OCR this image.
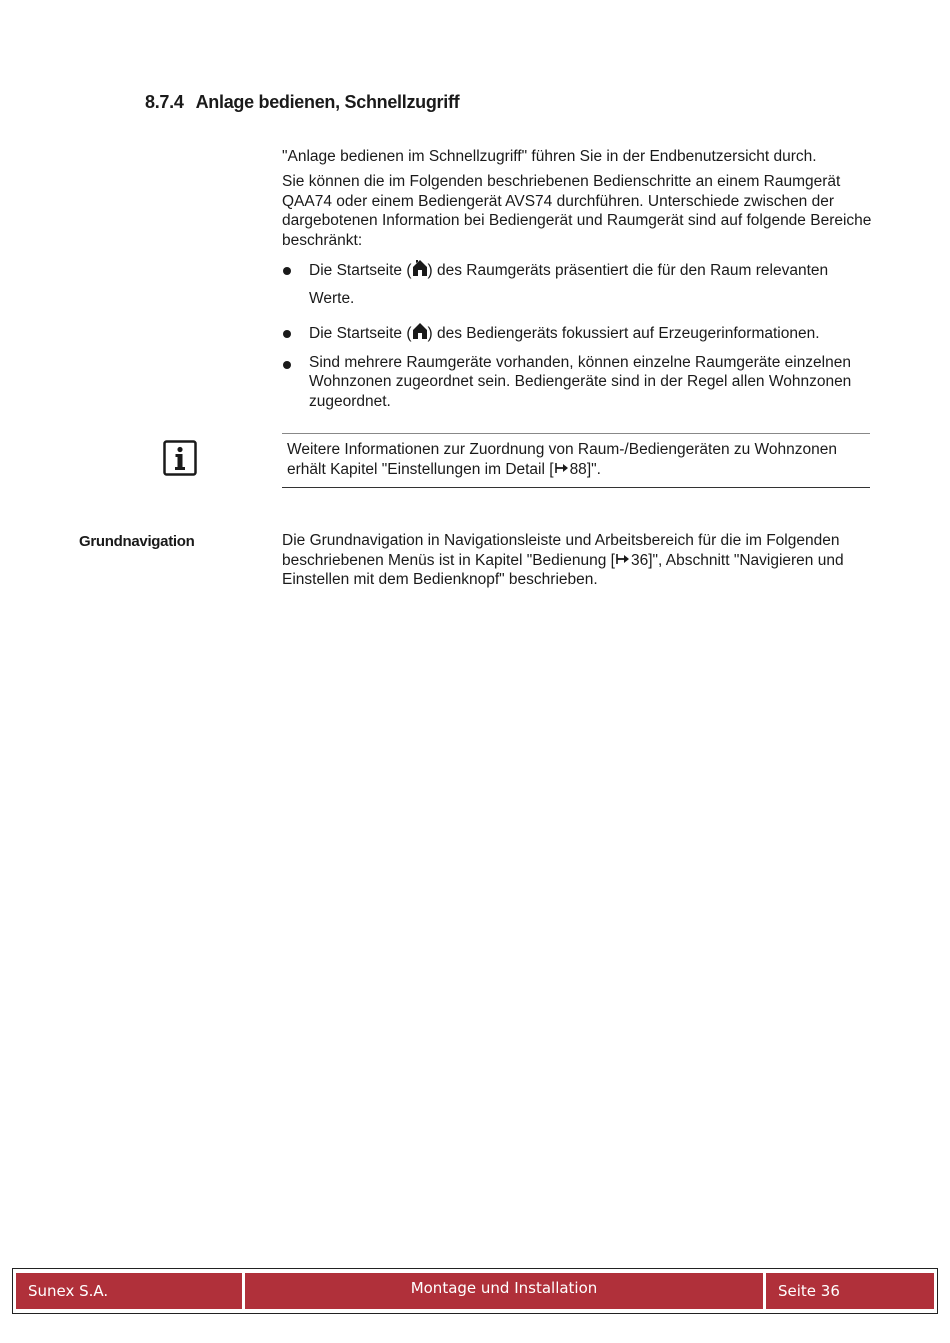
8.7.4 Anlage bedienen, Schnellzugriff
"Anlage bedienen im Schnellzugriff" führen Sie in der Endbenutzersicht durch.
Sie können die im Folgenden beschriebenen Bedienschritte an einem Raumgerät QAA74 oder einem Bediengerät AVS74 durchführen. Unterschiede zwischen der dargebotenen Information bei Bediengerät und Raumgerät sind auf folgende Bereiche beschränkt:
Die Startseite ( ) des Raumgeräts präsentiert die für den Raum relevanten Werte.
Die Startseite ( ) des Bediengeräts fokussiert auf Erzeugerinformationen.
Sind mehrere Raumgeräte vorhanden, können einzelne Raumgeräte einzelnen Wohnzonen zugeordnet sein. Bediengeräte sind in der Regel allen Wohnzonen zugeordnet.
Weitere Informationen zur Zuordnung von Raum-/Bediengeräten zu Wohnzonen erhält Kapitel "Einstellungen im Detail [ 88]".
Grundnavigation	Die Grundnavigation in Navigationsleiste und Arbeitsbereich für die im Folgenden beschriebenen Menüs ist in Kapitel "Bedienung [ 36]", Abschnitt "Navigieren und Einstellen mit dem Bedienknopf" beschrieben.
Sunex S.A.	Montage und Installation	Seite 36
